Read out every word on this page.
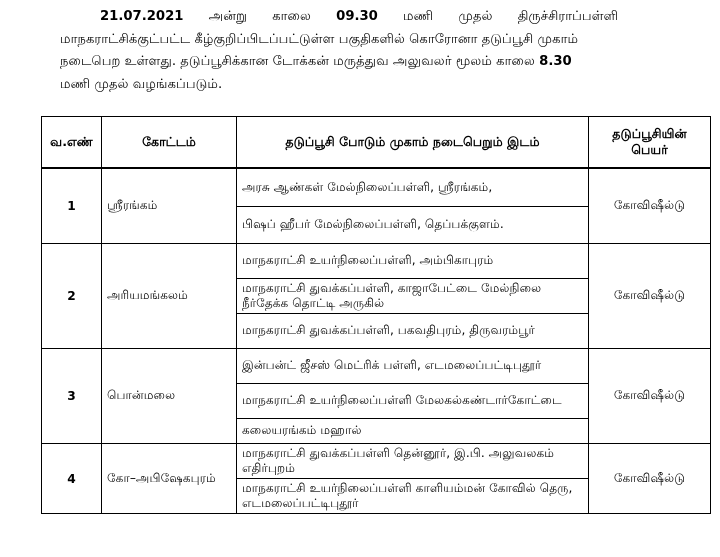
21.07.2021 அன்று காலை 09.30 மணி முதல் திருச்சிராப்பள்ளி
மாநகராட்சிக்குட்பட்ட கீழ்குறிப்பிடப்பட்டுள்ள பகுதிகளில் கொரோனா தடுப்பூசி முகாம்
நடைபெற உள்ளது. தடுப்பூசிக்கான டோக்கன் மருத்துவ அலுவலர் மூலம் காலை 8.30
மணி முதல் வழங்கப்படும்.
வ.எண்	கோட்டம்	தடுப்பூசி போடும் முகாம் நடைபெறும் இடம்	தடுப்பூசியின் பெயர்
1	ஸ்ரீரங்கம்	அரசு ஆண்கள் மேல்நிலைப்பள்ளி, ஸ்ரீரங்கம்,	கோவிஷீல்டு
		பிஷப் ஹீபர் மேல்நிலைப்பள்ளி, தெப்பக்குளம்.	
2	அரியமங்கலம்	மாநகராட்சி உயர்நிலைப்பள்ளி, அம்பிகாபுரம்	கோவிஷீல்டு
		மாநகராட்சி துவக்கப்பள்ளி, காஜாபேட்டை மேல்நிலை நீர்தேக்க தொட்டி அருகில்	
		மாநகராட்சி துவக்கப்பள்ளி, பகவதிபுரம், திருவரம்பூர்	
3	பொன்மலை	இன்பன்ட் ஜீசஸ் மெட்ரிக் பள்ளி, எடமலைப்பட்டிபுதூர்	கோவிஷீல்டு
		மாநகராட்சி உயர்நிலைப்பள்ளி மேலகல்கண்டார்கோட்டை	
		கலையரங்கம் மஹால்	
4	கோ–அபிஷேகபுரம்	மாநகராட்சி துவக்கப்பள்ளி தென்னூர், இ.பி. அலுவலகம் எதிர்புறம்	கோவிஷீல்டு
		மாநகராட்சி உயர்நிலைப்பள்ளி காளியம்மன் கோவில் தெரு, எடமலைப்பட்டிபுதூர்	
